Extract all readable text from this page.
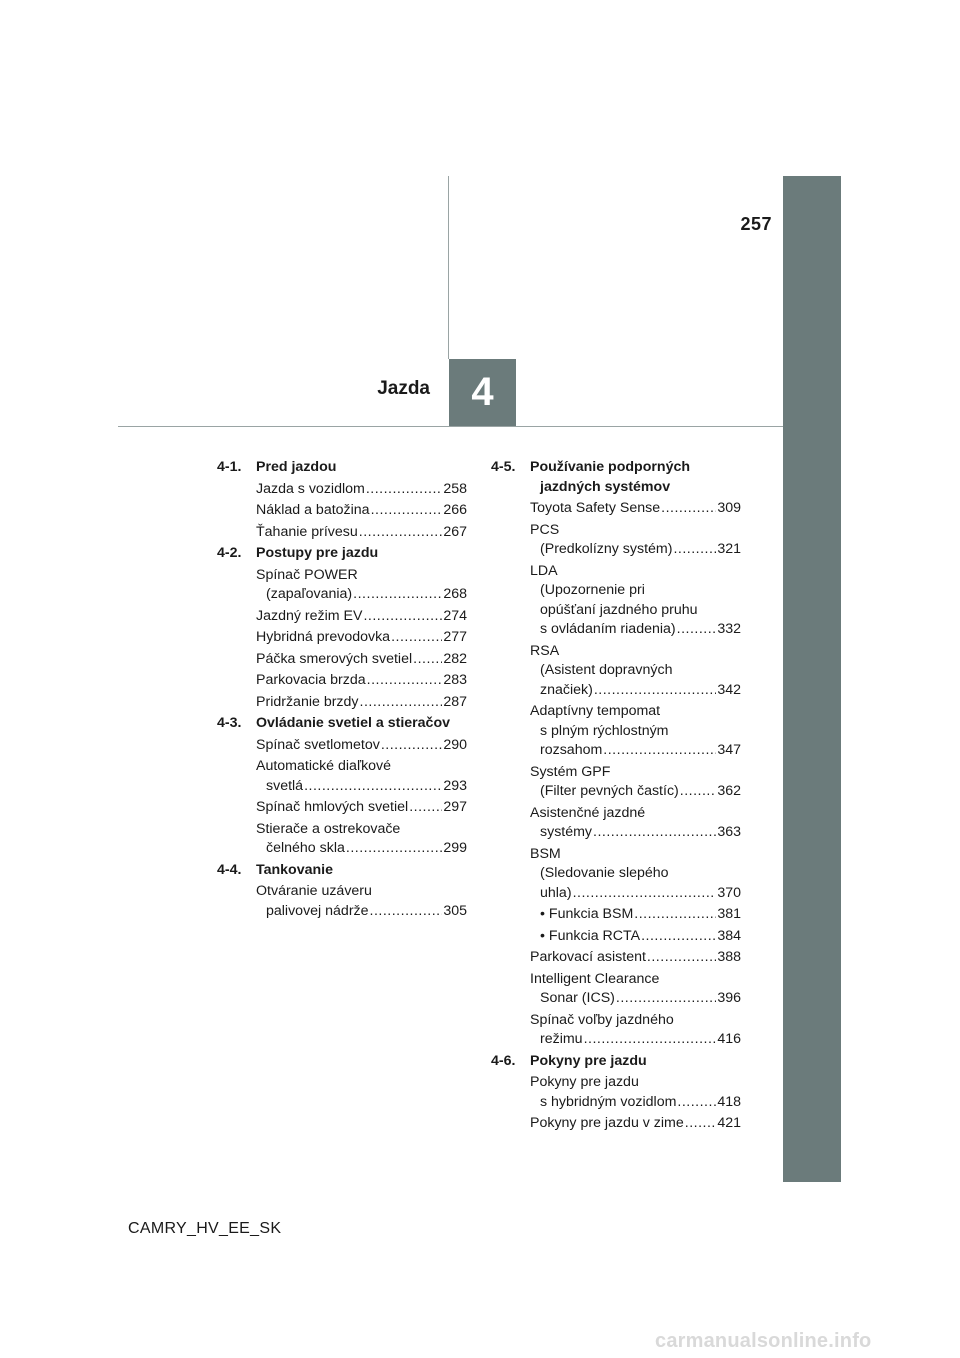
257
4
Jazda
4-1.	Pred jazdou
Jazda s vozidlom .....	258
Náklad a batožina .....	266
Ťahanie prívesu .....	267
4-2.	Postupy pre jazdu
Spínač POWER
(zapaľovania) .....	268
Jazdný režim EV .....	274
Hybridná prevodovka .....	277
Páčka smerových svetiel ..... 282
Parkovacia brzda .....	283
Pridržanie brzdy .....	287
4-3.	Ovládanie svetiel a stieračov
Spínač svetlometov .....	290
Automatické diaľkové
svetlá .....	293
Spínač hmlových svetiel ..... 297
Stierače a ostrekovače
čelného skla .....	299
4-4.	Tankovanie
Otváranie uzáveru
palivovej nádrže .....	305
4-5.	Používanie podporných
jazdných systémov
Toyota Safety Sense .....	309
PCS
(Predkolízny systém) .....	321
LDA
(Upozornenie pri
opúšťaní jazdného pruhu
s ovládaním riadenia) .....	332
RSA
(Asistent dopravných
značiek) .....	342
Adaptívny tempomat
s plným rýchlostným
rozsahom .....	347
Systém GPF
(Filter pevných častíc) .....	362
Asistenčné jazdné
systémy .....	363
BSM
(Sledovanie slepého
uhla) .....	370
• Funkcia BSM .....	381
• Funkcia RCTA .....	384
Parkovací asistent .....	388
Intelligent Clearance
Sonar (ICS) .....	396
Spínač voľby jazdného
režimu .....	416
4-6.	Pokyny pre jazdu
Pokyny pre jazdu
s hybridným vozidlom .....	418
Pokyny pre jazdu v zime ..... 421
CAMRY_HV_EE_SK
carmanualsonline.info
